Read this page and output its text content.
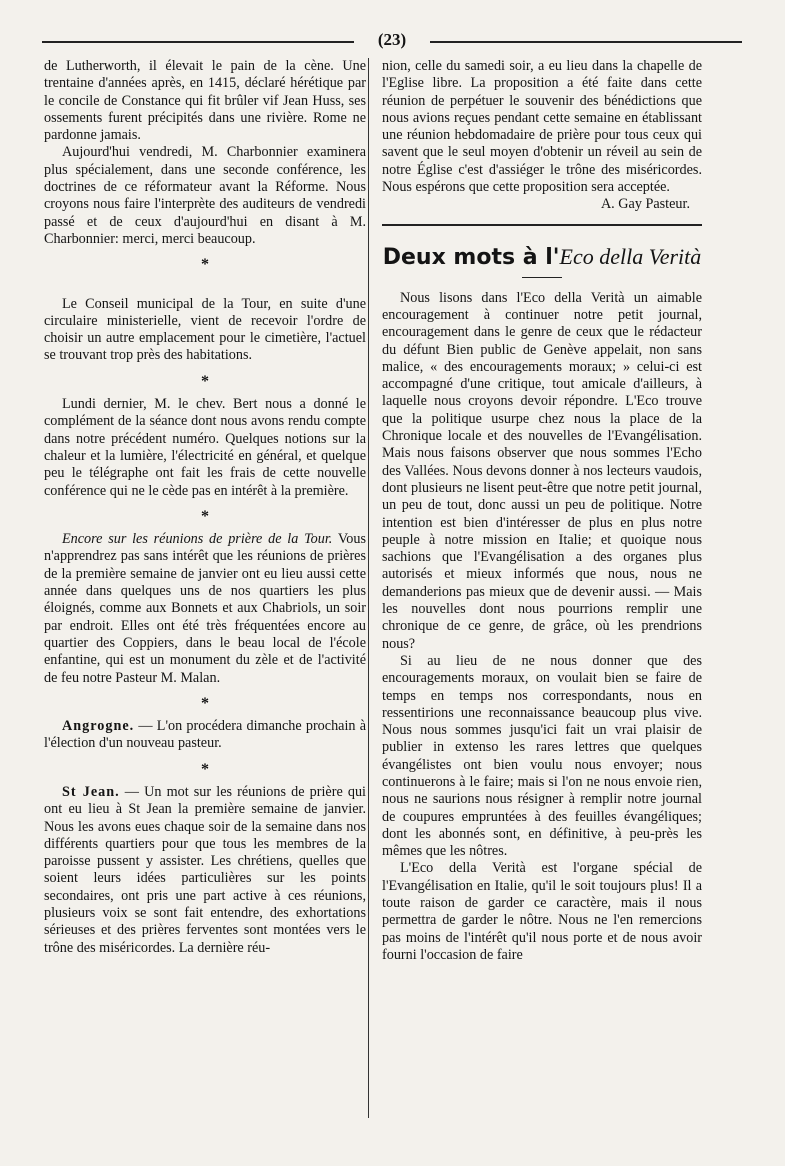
(23)

de Lutherworth, il élevait le pain de la cène. Une trentaine d'années après, en 1415, déclaré hérétique par le concile de Constance qui fit brûler vif Jean Huss, ses ossements furent précipités dans une rivière. Rome ne pardonne jamais.

Aujourd'hui vendredi, M. Charbonnier examinera plus spécialement, dans une seconde conférence, les doctrines de ce réformateur avant la Réforme. Nous croyons nous faire l'interprète des auditeurs de vendredi passé et de ceux d'aujourd'hui en disant à M. Charbonnier: merci, merci beaucoup.

*

Le Conseil municipal de la Tour, en suite d'une circulaire ministerielle, vient de recevoir l'ordre de choisir un autre emplacement pour le cimetière, l'actuel se trouvant trop près des habitations.

*

Lundi dernier, M. le chev. Bert nous a donné le complément de la séance dont nous avons rendu compte dans notre précédent numéro. Quelques notions sur la chaleur et la lumière, l'électricité en général, et quelque peu le télégraphe ont fait les frais de cette nouvelle conférence qui ne le cède pas en intérêt à la première.

*

Encore sur les réunions de prière de la Tour. Vous n'apprendrez pas sans intérêt que les réunions de prières de la première semaine de janvier ont eu lieu aussi cette année dans quelques uns de nos quartiers les plus éloignés, comme aux Bonnets et aux Chabriols, un soir par endroit. Elles ont été très fréquentées encore au quartier des Coppiers, dans le beau local de l'école enfantine, qui est un monument du zèle et de l'activité de feu notre Pasteur M. Malan.

*

Angrogne. — L'on procédera dimanche prochain à l'élection d'un nouveau pasteur.

*

St Jean. — Un mot sur les réunions de prière qui ont eu lieu à St Jean la première semaine de janvier. Nous les avons eues chaque soir de la semaine dans nos différents quartiers pour que tous les membres de la paroisse pussent y assister. Les chrétiens, quelles que soient leurs idées particulières sur les points secondaires, ont pris une part active à ces réunions, plusieurs voix se sont fait entendre, des exhortations sérieuses et des prières ferventes sont montées vers le trône des miséricordes. La dernière réu-

nion, celle du samedi soir, a eu lieu dans la chapelle de l'Eglise libre. La proposition a été faite dans cette réunion de perpétuer le souvenir des bénédictions que nous avions reçues pendant cette semaine en établissant une réunion hebdomadaire de prière pour tous ceux qui savent que le seul moyen d'obtenir un réveil au sein de notre Église c'est d'assiéger le trône des miséricordes. Nous espérons que cette proposition sera acceptée.

A. Gay Pasteur.

Deux mots à l'Eco della Verità

Nous lisons dans l'Eco della Verità un aimable encouragement à continuer notre petit journal, encouragement dans le genre de ceux que le rédacteur du défunt Bien public de Genève appelait, non sans malice, « des encouragements moraux; » celui-ci est accompagné d'une critique, tout amicale d'ailleurs, à laquelle nous croyons devoir répondre. L'Eco trouve que la politique usurpe chez nous la place de la Chronique locale et des nouvelles de l'Evangélisation. Mais nous faisons observer que nous sommes l'Echo des Vallées. Nous devons donner à nos lecteurs vaudois, dont plusieurs ne lisent peut-être que notre petit journal, un peu de tout, donc aussi un peu de politique. Notre intention est bien d'intéresser de plus en plus notre peuple à notre mission en Italie; et quoique nous sachions que l'Evangélisation a des organes plus autorisés et mieux informés que nous, nous ne demanderions pas mieux que de devenir aussi. — Mais les nouvelles dont nous pourrions remplir une chronique de ce genre, de grâce, où les prendrions nous?

Si au lieu de ne nous donner que des encouragements moraux, on voulait bien se faire de temps en temps nos correspondants, nous en ressentirions une reconnaissance beaucoup plus vive. Nous nous sommes jusqu'ici fait un vrai plaisir de publier in extenso les rares lettres que quelques évangélistes ont bien voulu nous envoyer; nous continuerons à le faire; mais si l'on ne nous envoie rien, nous ne saurions nous résigner à remplir notre journal de coupures empruntées à des feuilles évangéliques; dont les abonnés sont, en définitive, à peu-près les mêmes que les nôtres.

L'Eco della Verità est l'organe spécial de l'Evangélisation en Italie, qu'il le soit toujours plus! Il a toute raison de garder ce caractère, mais il nous permettra de garder le nôtre. Nous ne l'en remercions pas moins de l'intérêt qu'il nous porte et de nous avoir fourni l'occasion de faire
